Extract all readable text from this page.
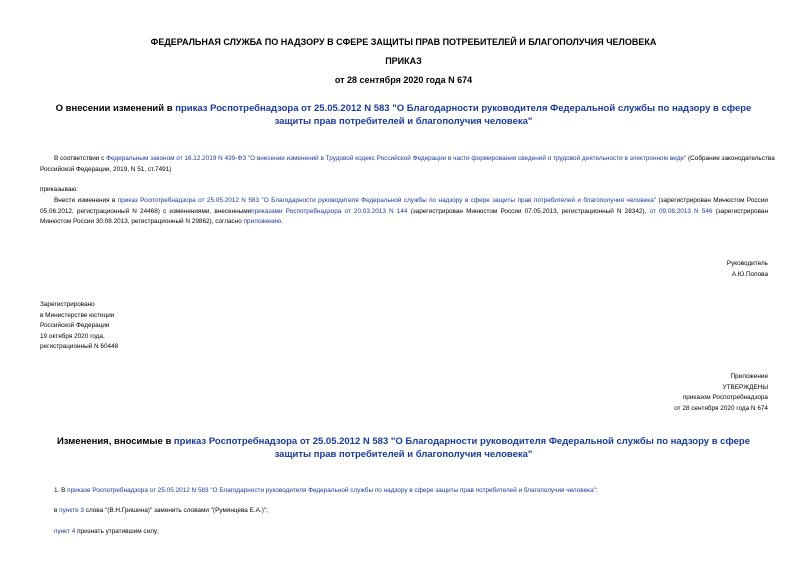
ФЕДЕРАЛЬНАЯ СЛУЖБА ПО НАДЗОРУ В СФЕРЕ ЗАЩИТЫ ПРАВ ПОТРЕБИТЕЛЕЙ И БЛАГОПОЛУЧИЯ ЧЕЛОВЕКА
ПРИКАЗ
от 28 сентября 2020 года N 674
О внесении изменений в приказ Роспотребнадзора от 25.05.2012 N 583 "О Благодарности руководителя Федеральной службы по надзору в сфере защиты прав потребителей и благополучия человека"
В соответствии с Федеральным законом от 16.12.2019 N 439-ФЗ "О внесении изменений в Трудовой кодекс Российской Федерации в части формирования сведений о трудовой деятельности в электронном виде" (Собрание законодательства Российской Федерации, 2019, N 51, ст.7491)
приказываю:
Внести изменения в приказ Роспотребнадзора от 25.05.2012 N 583 "О Благодарности руководителя Федеральной службы по надзору в сфере защиты прав потребителей и благополучия человека" (зарегистрирован Минюстом России 05.06.2012, регистрационный N 24468) с изменениями, внесеннымиприказами Роспотребнадзора от 20.03.2013 N 144 (зарегистрирован Минюстом России 07.05.2013, регистрационный N 28342), от 09.08.2013 N 546 (зарегистрирован Минюстом России 30.08.2013, регистрационный N 29862), согласно приложению.
Руководитель
А.Ю.Попова
Зарегистрировано
в Министерстве юстиции
Российской Федерации
19 октября 2020 года,
регистрационный N 60448
Приложение
УТВЕРЖДЕНЫ
приказом Роспотребнадзора
от 28 сентября 2020 года N 674
Изменения, вносимые в приказ Роспотребнадзора от 25.05.2012 N 583 "О Благодарности руководителя Федеральной службы по надзору в сфере защиты прав потребителей и благополучия человека"
1. В приказе Роспотребнадзора от 25.05.2012 N 583 "О Благодарности руководителя Федеральной службы по надзору в сфере защиты прав потребителей и благополучия человека":
в пункте 3 слова "(В.Н.Гришина)" заменить словами "(Румянцева Е.А.)";
пункт 4 признать утратившим силу;
